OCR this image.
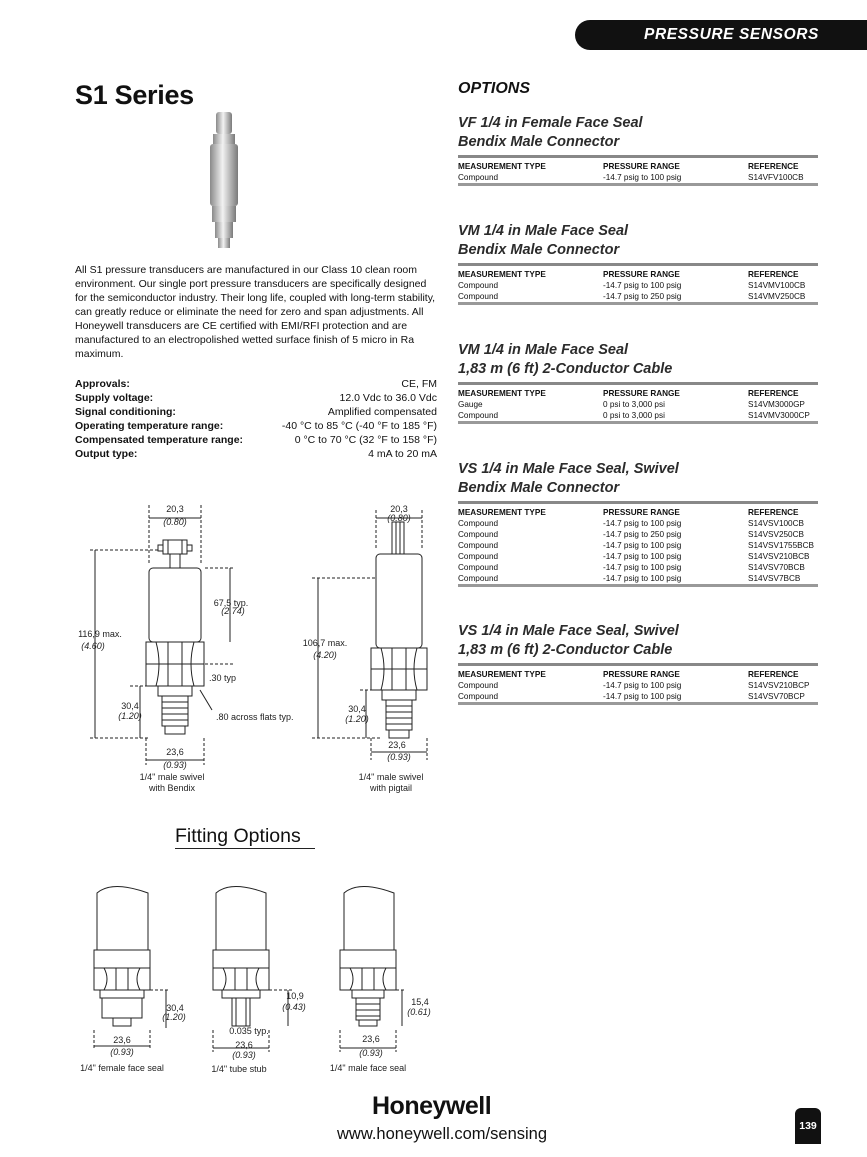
PRESSURE SENSORS
S1 Series
All S1 pressure transducers are manufactured in our Class 10 clean room environment. Our single port pressure transducers are specifically designed for the semiconductor industry. Their long life, coupled with long-term stability, can greatly reduce or eliminate the need for zero and span adjustments. All Honeywell transducers are CE certified with EMI/RFI protection and are manufactured to an electropolished wetted surface finish of 5 micro in Ra maximum.
Approvals:	CE, FM
Supply voltage:	12.0 Vdc to 36.0 Vdc
Signal conditioning:	Amplified compensated
Operating temperature range:	-40 °C to 85 °C (-40 °F to 185 °F)
Compensated temperature range:	0 °C to 70 °C (32 °F to 158 °F)
Output type:	4 mA to 20 mA
OPTIONS
VF 1/4 in Female Face Seal
Bendix Male Connector
MEASUREMENT TYPE	PRESSURE RANGE	REFERENCE
Compound	-14.7 psig to 100 psig	S14VFV100CB
VM 1/4 in Male Face Seal
Bendix Male Connector
MEASUREMENT TYPE	PRESSURE RANGE	REFERENCE
Compound	-14.7 psig to 100 psig	S14VMV100CB
Compound	-14.7 psig to 250 psig	S14VMV250CB
VM 1/4 in Male Face Seal
1,83 m (6 ft) 2-Conductor Cable
MEASUREMENT TYPE	PRESSURE RANGE	REFERENCE
Gauge	0 psi to 3,000 psi	S14VM3000GP
Compound	0 psi to 3,000 psi	S14VMV3000CP
VS 1/4 in Male Face Seal, Swivel
Bendix Male Connector
MEASUREMENT TYPE	PRESSURE RANGE	REFERENCE
Compound	-14.7 psig to 100 psig	S14VSV100CB
Compound	-14.7 psig to 250 psig	S14VSV250CB
Compound	-14.7 psig to 100 psig	S14VSV1755BCB
Compound	-14.7 psig to 100 psig	S14VSV210BCB
Compound	-14.7 psig to 100 psig	S14VSV70BCB
Compound	-14.7 psig to 100 psig	S14VSV7BCB
VS 1/4 in Male Face Seal, Swivel
1,83 m (6 ft) 2-Conductor Cable
MEASUREMENT TYPE	PRESSURE RANGE	REFERENCE
Compound	-14.7 psig to 100 psig	S14VSV210BCP
Compound	-14.7 psig to 100 psig	S14VSV70BCP
20,3
(0.80)
116,9 max.
(4.60)
67,5 typ.
(2.74)
.30 typ
30,4
(1.20)	.80 across flats typ.
23,6
(0.93)
1/4" male swivel
with Bendix
20,3
(0.80)
106,7 max.
(4.20)
30,4
(1.20)
23,6
(0.93)
1/4" male swivel
with pigtail
Fitting Options
30,4
(1.20)
23,6
(0.93)
1/4" female face seal
10,9
(0.43)
0.035 typ.
23,6
(0.93)
1/4" tube stub
15,4
(0.61)
23,6
(0.93)
1/4" male face seal
Honeywell
www.honeywell.com/sensing	139
